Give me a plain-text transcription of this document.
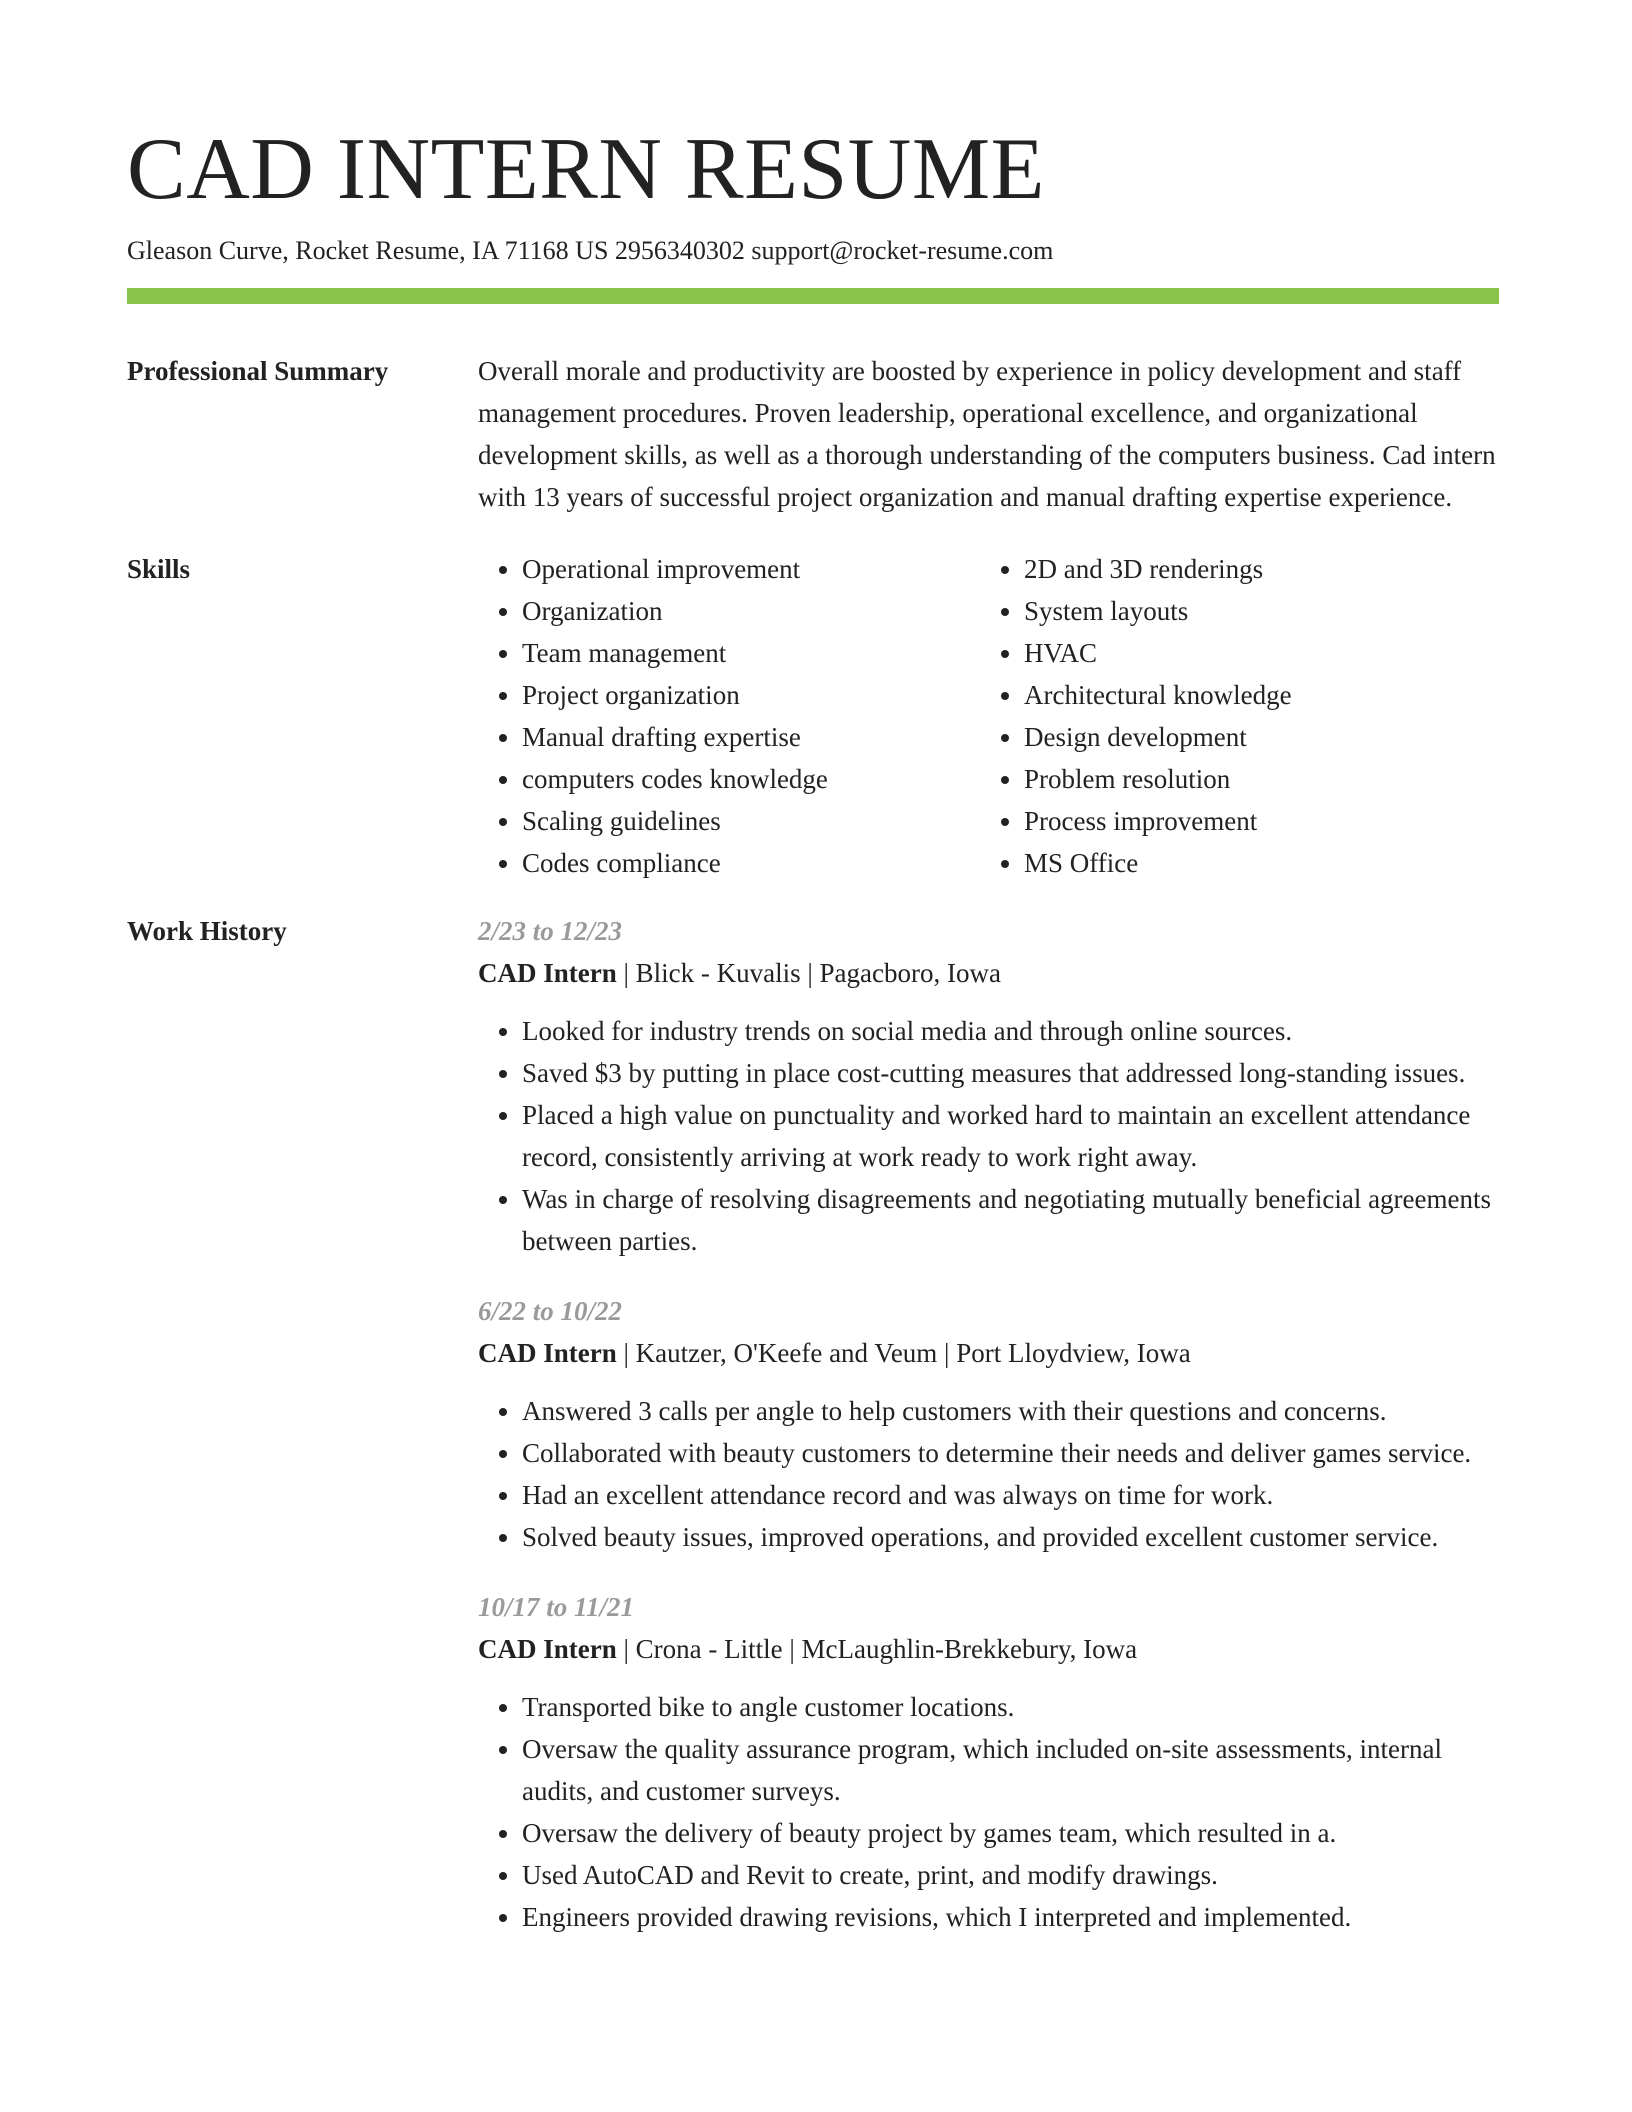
CAD INTERN RESUME
Gleason Curve, Rocket Resume, IA 71168 US 2956340302 support@rocket-resume.com
Professional Summary	Overall morale and productivity are boosted by experience in policy development and staff management procedures. Proven leadership, operational excellence, and organizational development skills, as well as a thorough understanding of the computers business. Cad intern with 13 years of successful project organization and manual drafting expertise experience.

Skills
•	Operational improvement
• Organization
• Team management
• Project organization
• Manual drafting expertise
• computers codes knowledge
• Scaling guidelines
• Codes compliance
• 2D and 3D renderings
• System layouts
• HVAC
• Architectural knowledge
• Design development
• Problem resolution
• Process improvement
• MS Office
Work History	2/23 to 12/23
CAD Intern | Blick - Kuvalis | Pagacboro, Iowa
• Looked for industry trends on social media and through online sources.
• Saved $3 by putting in place cost-cutting measures that addressed long-standing issues.
• Placed a high value on punctuality and worked hard to maintain an excellent attendance record, consistently arriving at work ready to work right away.
• Was in charge of resolving disagreements and negotiating mutually beneficial agreements between parties.
6/22 to 10/22
CAD Intern | Kautzer, O'Keefe and Veum | Port Lloydview, Iowa
• Answered 3 calls per angle to help customers with their questions and concerns.
• Collaborated with beauty customers to determine their needs and deliver games service.
• Had an excellent attendance record and was always on time for work.
• Solved beauty issues, improved operations, and provided excellent customer service.
10/17 to 11/21
CAD Intern | Crona - Little | McLaughlin-Brekkebury, Iowa
• Transported bike to angle customer locations.
• Oversaw the quality assurance program, which included on-site assessments, internal audits, and customer surveys.
• Oversaw the delivery of beauty project by games team, which resulted in a.
• Used AutoCAD and Revit to create, print, and modify drawings.
• Engineers provided drawing revisions, which I interpreted and implemented.
